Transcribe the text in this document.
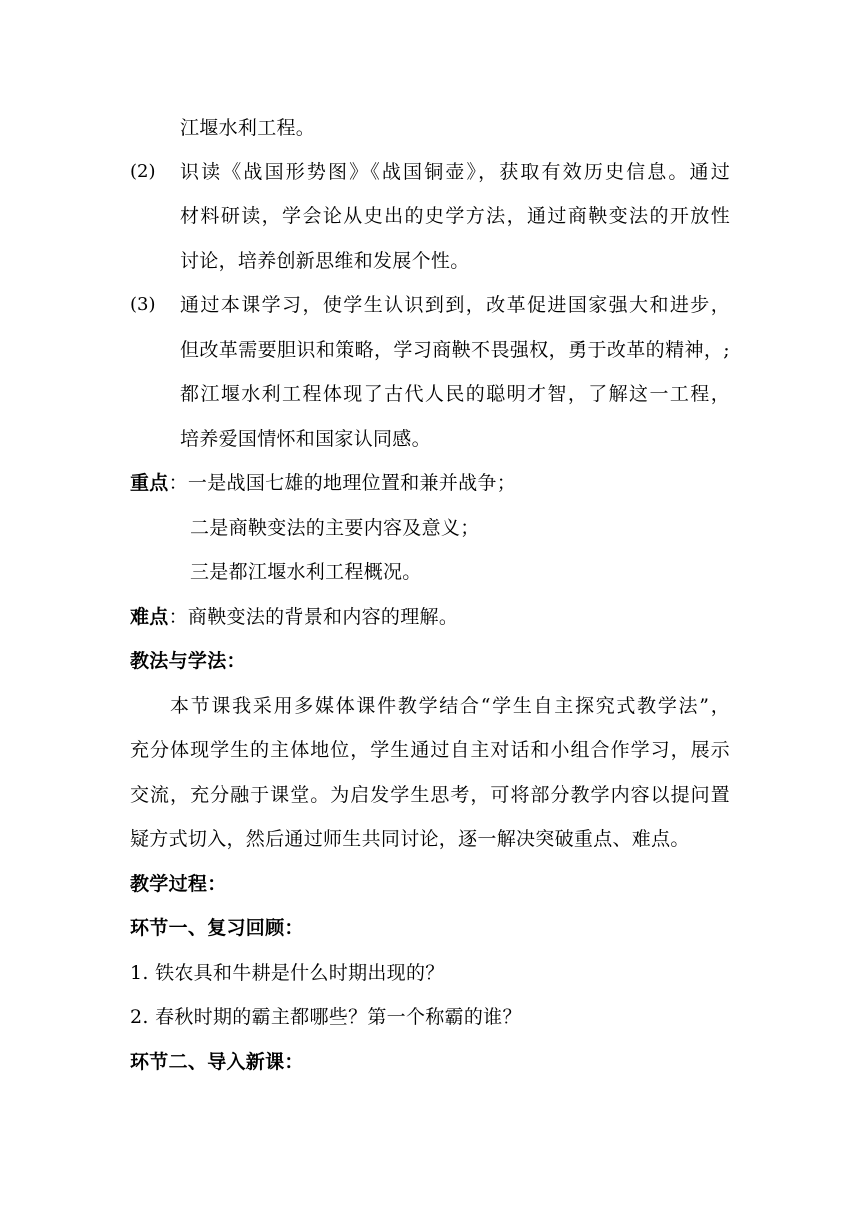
江堰水利工程。
(2) 识读《战国形势图》《战国铜壶》，获取有效历史信息。通过
材料研读，学会论从史出的史学方法，通过商鞅变法的开放性
讨论，培养创新思维和发展个性。
(3) 通过本课学习，使学生认识到到，改革促进国家强大和进步，
但改革需要胆识和策略，学习商鞅不畏强权，勇于改革的精神，;
都江堰水利工程体现了古代人民的聪明才智，了解这一工程，
培养爱国情怀和国家认同感。
重点：一是战国七雄的地理位置和兼并战争；
二是商鞅变法的主要内容及意义；
三是都江堰水利工程概况。
难点：商鞅变法的背景和内容的理解。
教法与学法：
本节课我采用多媒体课件教学结合“学生自主探究式教学法”，
充分体现学生的主体地位，学生通过自主对话和小组合作学习，展示
交流，充分融于课堂。为启发学生思考，可将部分教学内容以提问置
疑方式切入，然后通过师生共同讨论，逐一解决突破重点、难点。
教学过程：
环节一、复习回顾：
1. 铁农具和牛耕是什么时期出现的？
2. 春秋时期的霸主都哪些？第一个称霸的谁？
环节二、导入新课：
